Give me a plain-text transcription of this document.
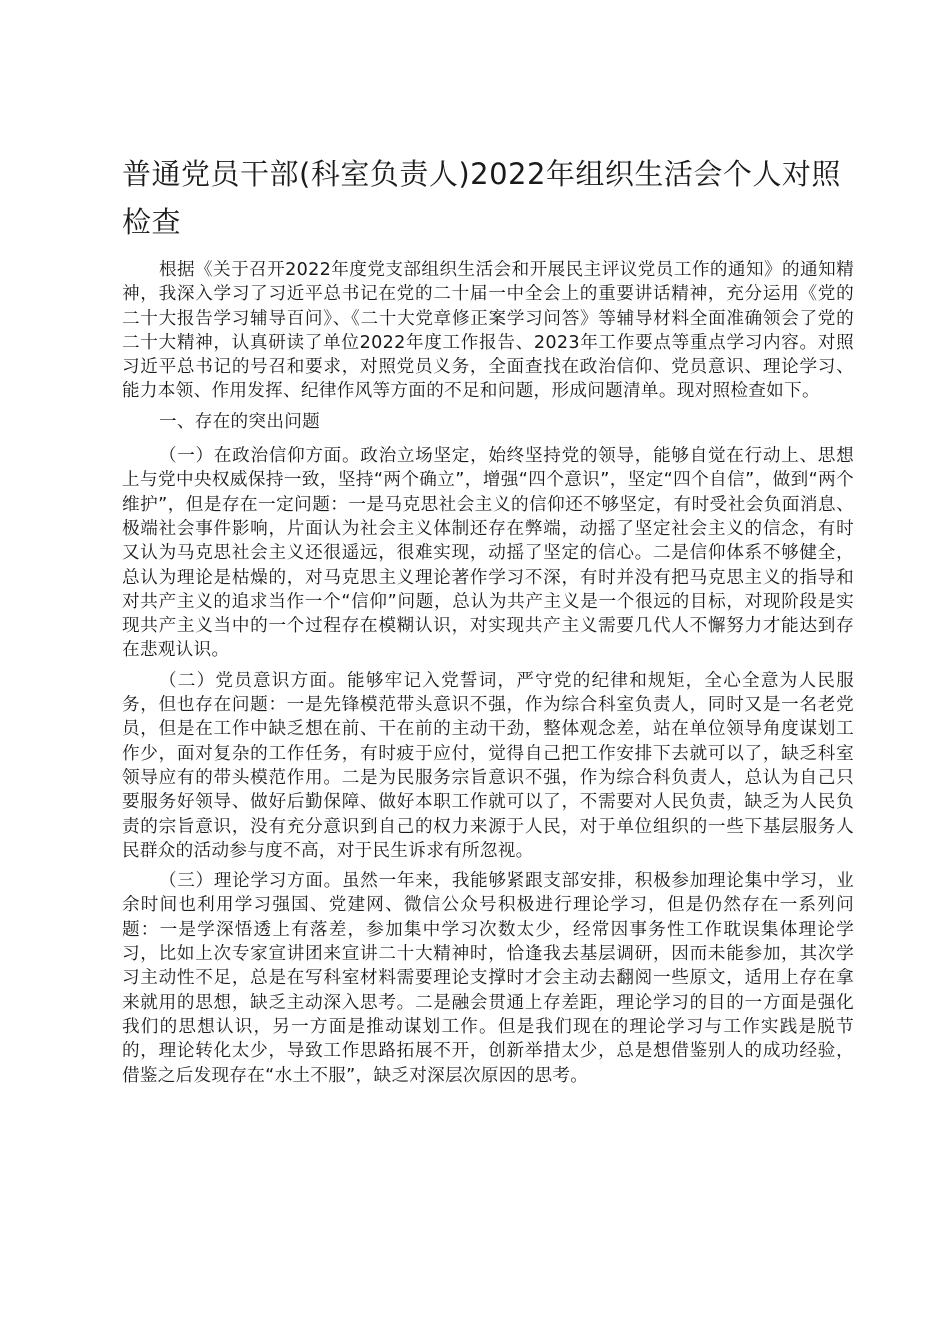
普通党员干部(科室负责人)2022年组织生活会个人对照检查

根据《关于召开2022年度党支部组织生活会和开展民主评议党员工作的通知》的通知精神，我深入学习了习近平总书记在党的二十届一中全会上的重要讲话精神，充分运用《党的二十大报告学习辅导百问》、《二十大党章修正案学习问答》等辅导材料全面准确领会了党的二十大精神，认真研读了单位2022年度工作报告、2023年工作要点等重点学习内容。对照习近平总书记的号召和要求，对照党员义务，全面查找在政治信仰、党员意识、理论学习、能力本领、作用发挥、纪律作风等方面的不足和问题，形成问题清单。现对照检查如下。

一、存在的突出问题

（一）在政治信仰方面。政治立场坚定，始终坚持党的领导，能够自觉在行动上、思想上与党中央权威保持一致，坚持“两个确立”，增强“四个意识”，坚定“四个自信”，做到“两个维护”，但是存在一定问题：一是马克思社会主义的信仰还不够坚定，有时受社会负面消息、极端社会事件影响，片面认为社会主义体制还存在弊端，动摇了坚定社会主义的信念，有时又认为马克思社会主义还很遥远，很难实现，动摇了坚定的信心。二是信仰体系不够健全，总认为理论是枯燥的，对马克思主义理论著作学习不深，有时并没有把马克思主义的指导和对共产主义的追求当作一个“信仰”问题，总认为共产主义是一个很远的目标，对现阶段是实现共产主义当中的一个过程存在模糊认识，对实现共产主义需要几代人不懈努力才能达到存在悲观认识。

（二）党员意识方面。能够牢记入党誓词，严守党的纪律和规矩，全心全意为人民服务，但也存在问题：一是先锋模范带头意识不强，作为综合科室负责人，同时又是一名老党员，但是在工作中缺乏想在前、干在前的主动干劲，整体观念差，站在单位领导角度谋划工作少，面对复杂的工作任务，有时疲于应付，觉得自己把工作安排下去就可以了，缺乏科室领导应有的带头模范作用。二是为民服务宗旨意识不强，作为综合科负责人，总认为自己只要服务好领导、做好后勤保障、做好本职工作就可以了，不需要对人民负责，缺乏为人民负责的宗旨意识，没有充分意识到自己的权力来源于人民，对于单位组织的一些下基层服务人民群众的活动参与度不高，对于民生诉求有所忽视。

（三）理论学习方面。虽然一年来，我能够紧跟支部安排，积极参加理论集中学习，业余时间也利用学习强国、党建网、微信公众号积极进行理论学习，但是仍然存在一系列问题：一是学深悟透上有落差，参加集中学习次数太少，经常因事务性工作耽误集体理论学习，比如上次专家宣讲团来宣讲二十大精神时，恰逢我去基层调研，因而未能参加，其次学习主动性不足，总是在写科室材料需要理论支撑时才会主动去翻阅一些原文，适用上存在拿来就用的思想，缺乏主动深入思考。二是融会贯通上存差距，理论学习的目的一方面是强化我们的思想认识，另一方面是推动谋划工作。但是我们现在的理论学习与工作实践是脱节的，理论转化太少，导致工作思路拓展不开，创新举措太少，总是想借鉴别人的成功经验，借鉴之后发现存在“水土不服”，缺乏对深层次原因的思考。
